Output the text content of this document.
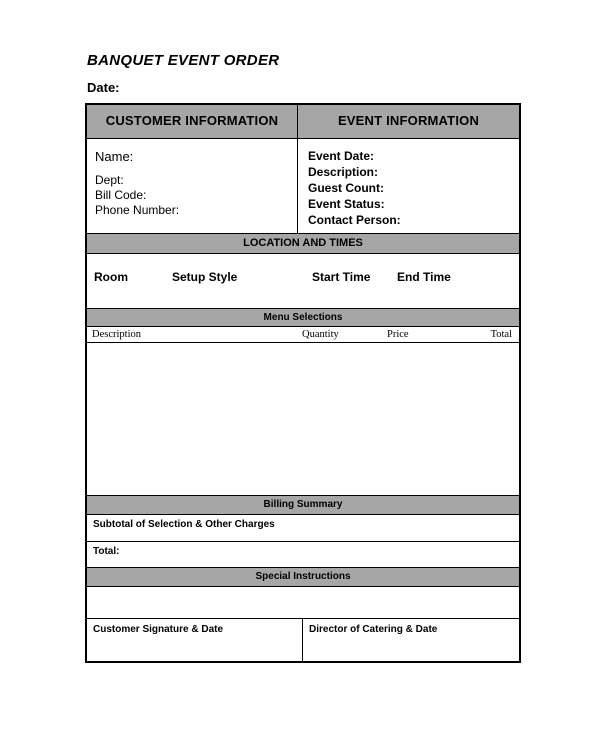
BANQUET EVENT ORDER
Date:
CUSTOMER INFORMATION	EVENT INFORMATION
Name:
Dept:
Bill Code:
Phone Number:
Event Date:
Description:
Guest Count:
Event Status:
Contact Person:
LOCATION AND TIMES
Room	Setup Style	Start Time	End Time
Menu Selections
Description	Quantity	Price	Total
Billing Summary
Subtotal of Selection & Other Charges
Total:
Special Instructions
Customer Signature & Date	Director of Catering & Date
